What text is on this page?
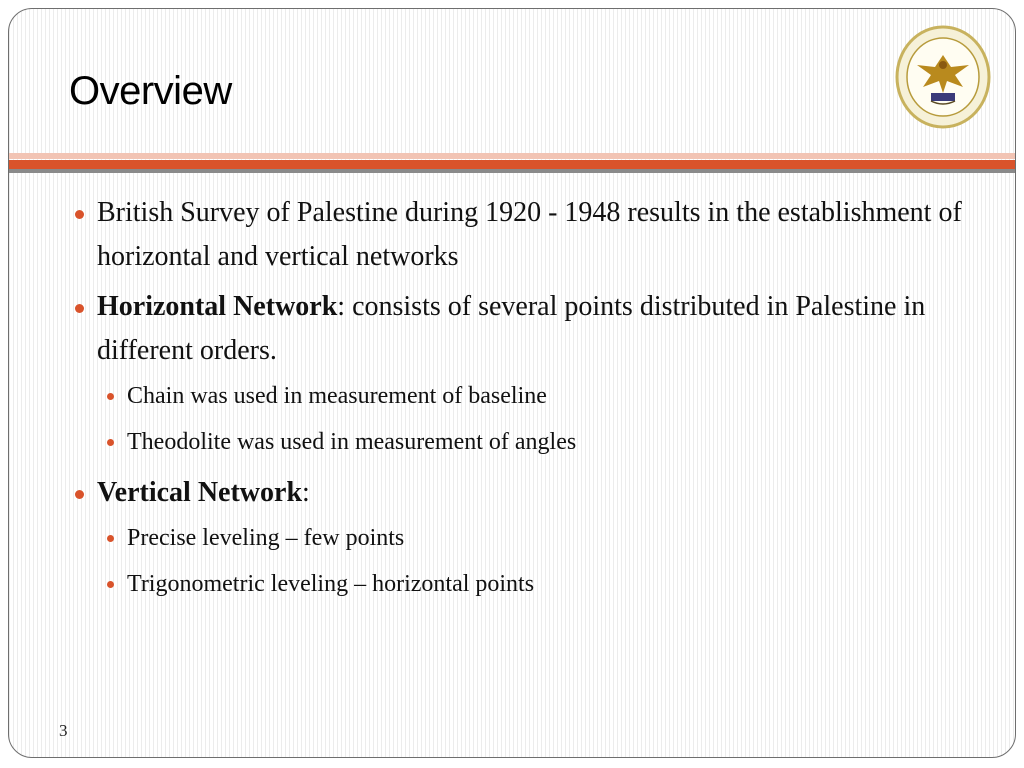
Overview
British Survey of Palestine during 1920 - 1948 results in the establishment of horizontal and vertical networks
Horizontal Network: consists of several points distributed in Palestine in different orders.
Chain was used in measurement of baseline
Theodolite was used in measurement of angles
Vertical Network:
Precise leveling – few points
Trigonometric leveling – horizontal points
3
